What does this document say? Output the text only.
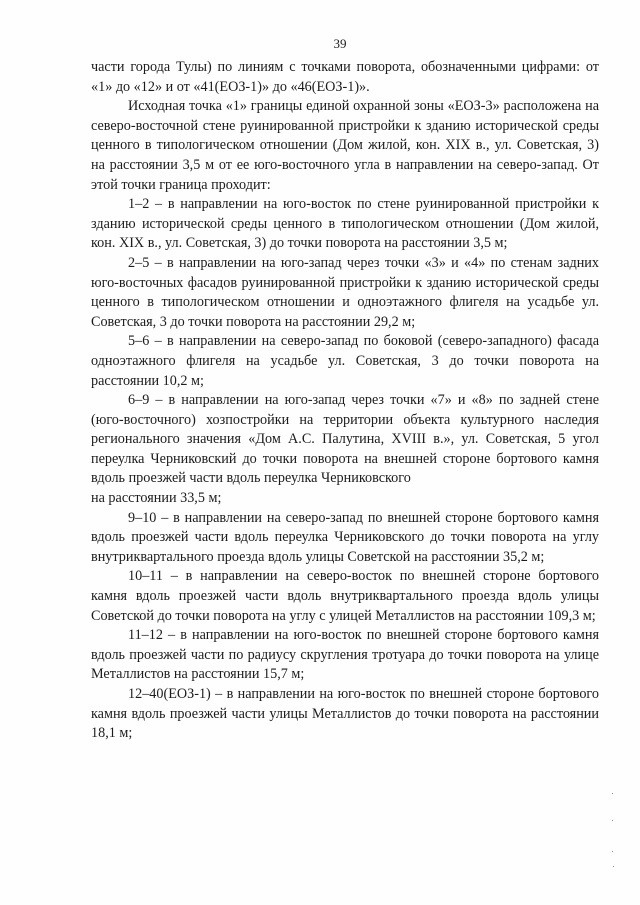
39

части города Тулы) по линиям с точками поворота, обозначенными цифрами: от «1» до «12» и от «41(ЕОЗ-1)» до «46(ЕОЗ-1)».

Исходная точка «1» границы единой охранной зоны «ЕОЗ-3» расположена на северо-восточной стене руинированной пристройки к зданию исторической среды ценного в типологическом отношении (Дом жилой, кон. XIX в., ул. Советская, 3) на расстоянии 3,5 м от ее юго-восточного угла в направлении на северо-запад. От этой точки граница проходит:

1–2 – в направлении на юго-восток по стене руинированной пристройки к зданию исторической среды ценного в типологическом отношении (Дом жилой, кон. XIX в., ул. Советская, 3) до точки поворота на расстоянии 3,5 м;

2–5 – в направлении на юго-запад через точки «3» и «4» по стенам задних юго-восточных фасадов руинированной пристройки к зданию исторической среды ценного в типологическом отношении и одноэтажного флигеля на усадьбе ул. Советская, 3 до точки поворота на расстоянии 29,2 м;

5–6 – в направлении на северо-запад по боковой (северо-западного) фасада одноэтажного флигеля на усадьбе ул. Советская, 3 до точки поворота на расстоянии 10,2 м;

6–9 – в направлении на юго-запад через точки «7» и «8» по задней стене (юго-восточного) хозпостройки на территории объекта культурного наследия регионального значения «Дом А.С. Палутина, XVIII в.», ул. Советская, 5 угол переулка Черниковский до точки поворота на внешней стороне бортового камня вдоль проезжей части вдоль переулка Черниковского

на расстоянии 33,5 м;

9–10 – в направлении на северо-запад по внешней стороне бортового камня вдоль проезжей части вдоль переулка Черниковского до точки поворота на углу внутриквартального проезда вдоль улицы Советской на расстоянии 35,2 м;

10–11 – в направлении на северо-восток по внешней стороне бортового камня вдоль проезжей части вдоль внутриквартального проезда вдоль улицы Советской до точки поворота на углу с улицей Металлистов на расстоянии 109,3 м;

11–12 – в направлении на юго-восток по внешней стороне бортового камня вдоль проезжей части по радиусу скругления тротуара до точки поворота на улице Металлистов на расстоянии 15,7 м;

12–40(ЕОЗ-1) – в направлении на юго-восток по внешней стороне бортового камня вдоль проезжей части улицы Металлистов до точки поворота на расстоянии 18,1 м;
